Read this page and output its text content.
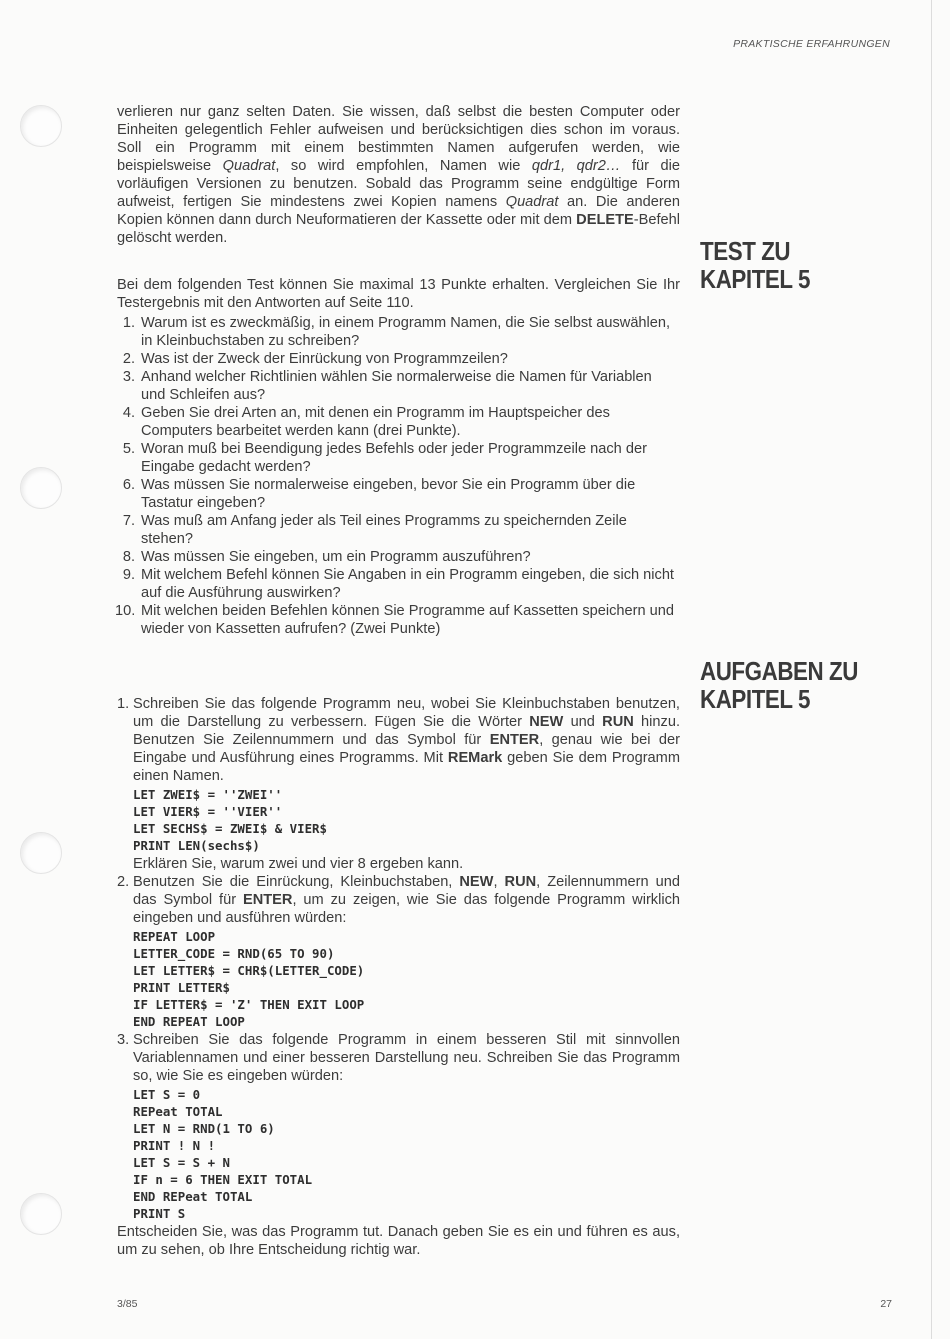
PRAKTISCHE ERFAHRUNGEN

verlieren nur ganz selten Daten. Sie wissen, daß selbst die besten Computer oder Einheiten gelegentlich Fehler aufweisen und berücksichtigen dies schon im voraus. Soll ein Programm mit einem bestimmten Namen aufgerufen werden, wie beispielsweise Quadrat, so wird empfohlen, Namen wie qdr1, qdr2… für die vorläufigen Versionen zu benutzen. Sobald das Programm seine endgültige Form aufweist, fertigen Sie mindestens zwei Kopien namens Quadrat an. Die anderen Kopien können dann durch Neuformatieren der Kassette oder mit dem DELETE-Befehl gelöscht werden.	TEST ZU
KAPITEL 5

Bei dem folgenden Test können Sie maximal 13 Punkte erhalten. Vergleichen Sie Ihr Testergebnis mit den Antworten auf Seite 110.

1. Warum ist es zweckmäßig, in einem Programm Namen, die Sie selbst auswählen, in Kleinbuchstaben zu schreiben?
2. Was ist der Zweck der Einrückung von Programmzeilen?
3. Anhand welcher Richtlinien wählen Sie normalerweise die Namen für Variablen und Schleifen aus?
4. Geben Sie drei Arten an, mit denen ein Programm im Hauptspeicher des Computers bearbeitet werden kann (drei Punkte).
5. Woran muß bei Beendigung jedes Befehls oder jeder Programmzeile nach der Eingabe gedacht werden?
6. Was müssen Sie normalerweise eingeben, bevor Sie ein Programm über die Tastatur eingeben?
7. Was muß am Anfang jeder als Teil eines Programms zu speichernden Zeile stehen?
8. Was müssen Sie eingeben, um ein Programm auszuführen?
9. Mit welchem Befehl können Sie Angaben in ein Programm eingeben, die sich nicht auf die Ausführung auswirken?
10. Mit welchen beiden Befehlen können Sie Programme auf Kassetten speichern und wieder von Kassetten aufrufen? (Zwei Punkte)
AUFGABEN ZU
KAPITEL 5
1. Schreiben Sie das folgende Programm neu, wobei Sie Kleinbuchstaben benutzen, um die Darstellung zu verbessern. Fügen Sie die Wörter NEW und RUN hinzu. Benutzen Sie Zeilennummern und das Symbol für ENTER, genau wie bei der Eingabe und Ausführung eines Programms. Mit REMark geben Sie dem Programm einen Namen.
LET ZWEI$ = ''ZWEI''
LET VIER$ = ''VIER''
LET SECHS$ = ZWEI$ & VIER$
PRINT LEN(sechs$)
Erklären Sie, warum zwei und vier 8 ergeben kann.
2. Benutzen Sie die Einrückung, Kleinbuchstaben, NEW, RUN, Zeilennummern und das Symbol für ENTER, um zu zeigen, wie Sie das folgende Programm wirklich eingeben und ausführen würden:
REPEAT LOOP
LETTER_CODE = RND(65 TO 90)
LET LETTER$ = CHR$(LETTER_CODE)
PRINT LETTER$
IF LETTER$ = 'Z' THEN EXIT LOOP
END REPEAT LOOP
3. Schreiben Sie das folgende Programm in einem besseren Stil mit sinnvollen Variablennamen und einer besseren Darstellung neu. Schreiben Sie das Programm so, wie Sie es eingeben würden:
LET S = 0
REPeat TOTAL
LET N = RND(1 TO 6)
PRINT ! N !
LET S = S + N
IF n = 6 THEN EXIT TOTAL
END REPeat TOTAL
PRINT S
Entscheiden Sie, was das Programm tut. Danach geben Sie es ein und führen es aus, um zu sehen, ob Ihre Entscheidung richtig war.
3/85	27
